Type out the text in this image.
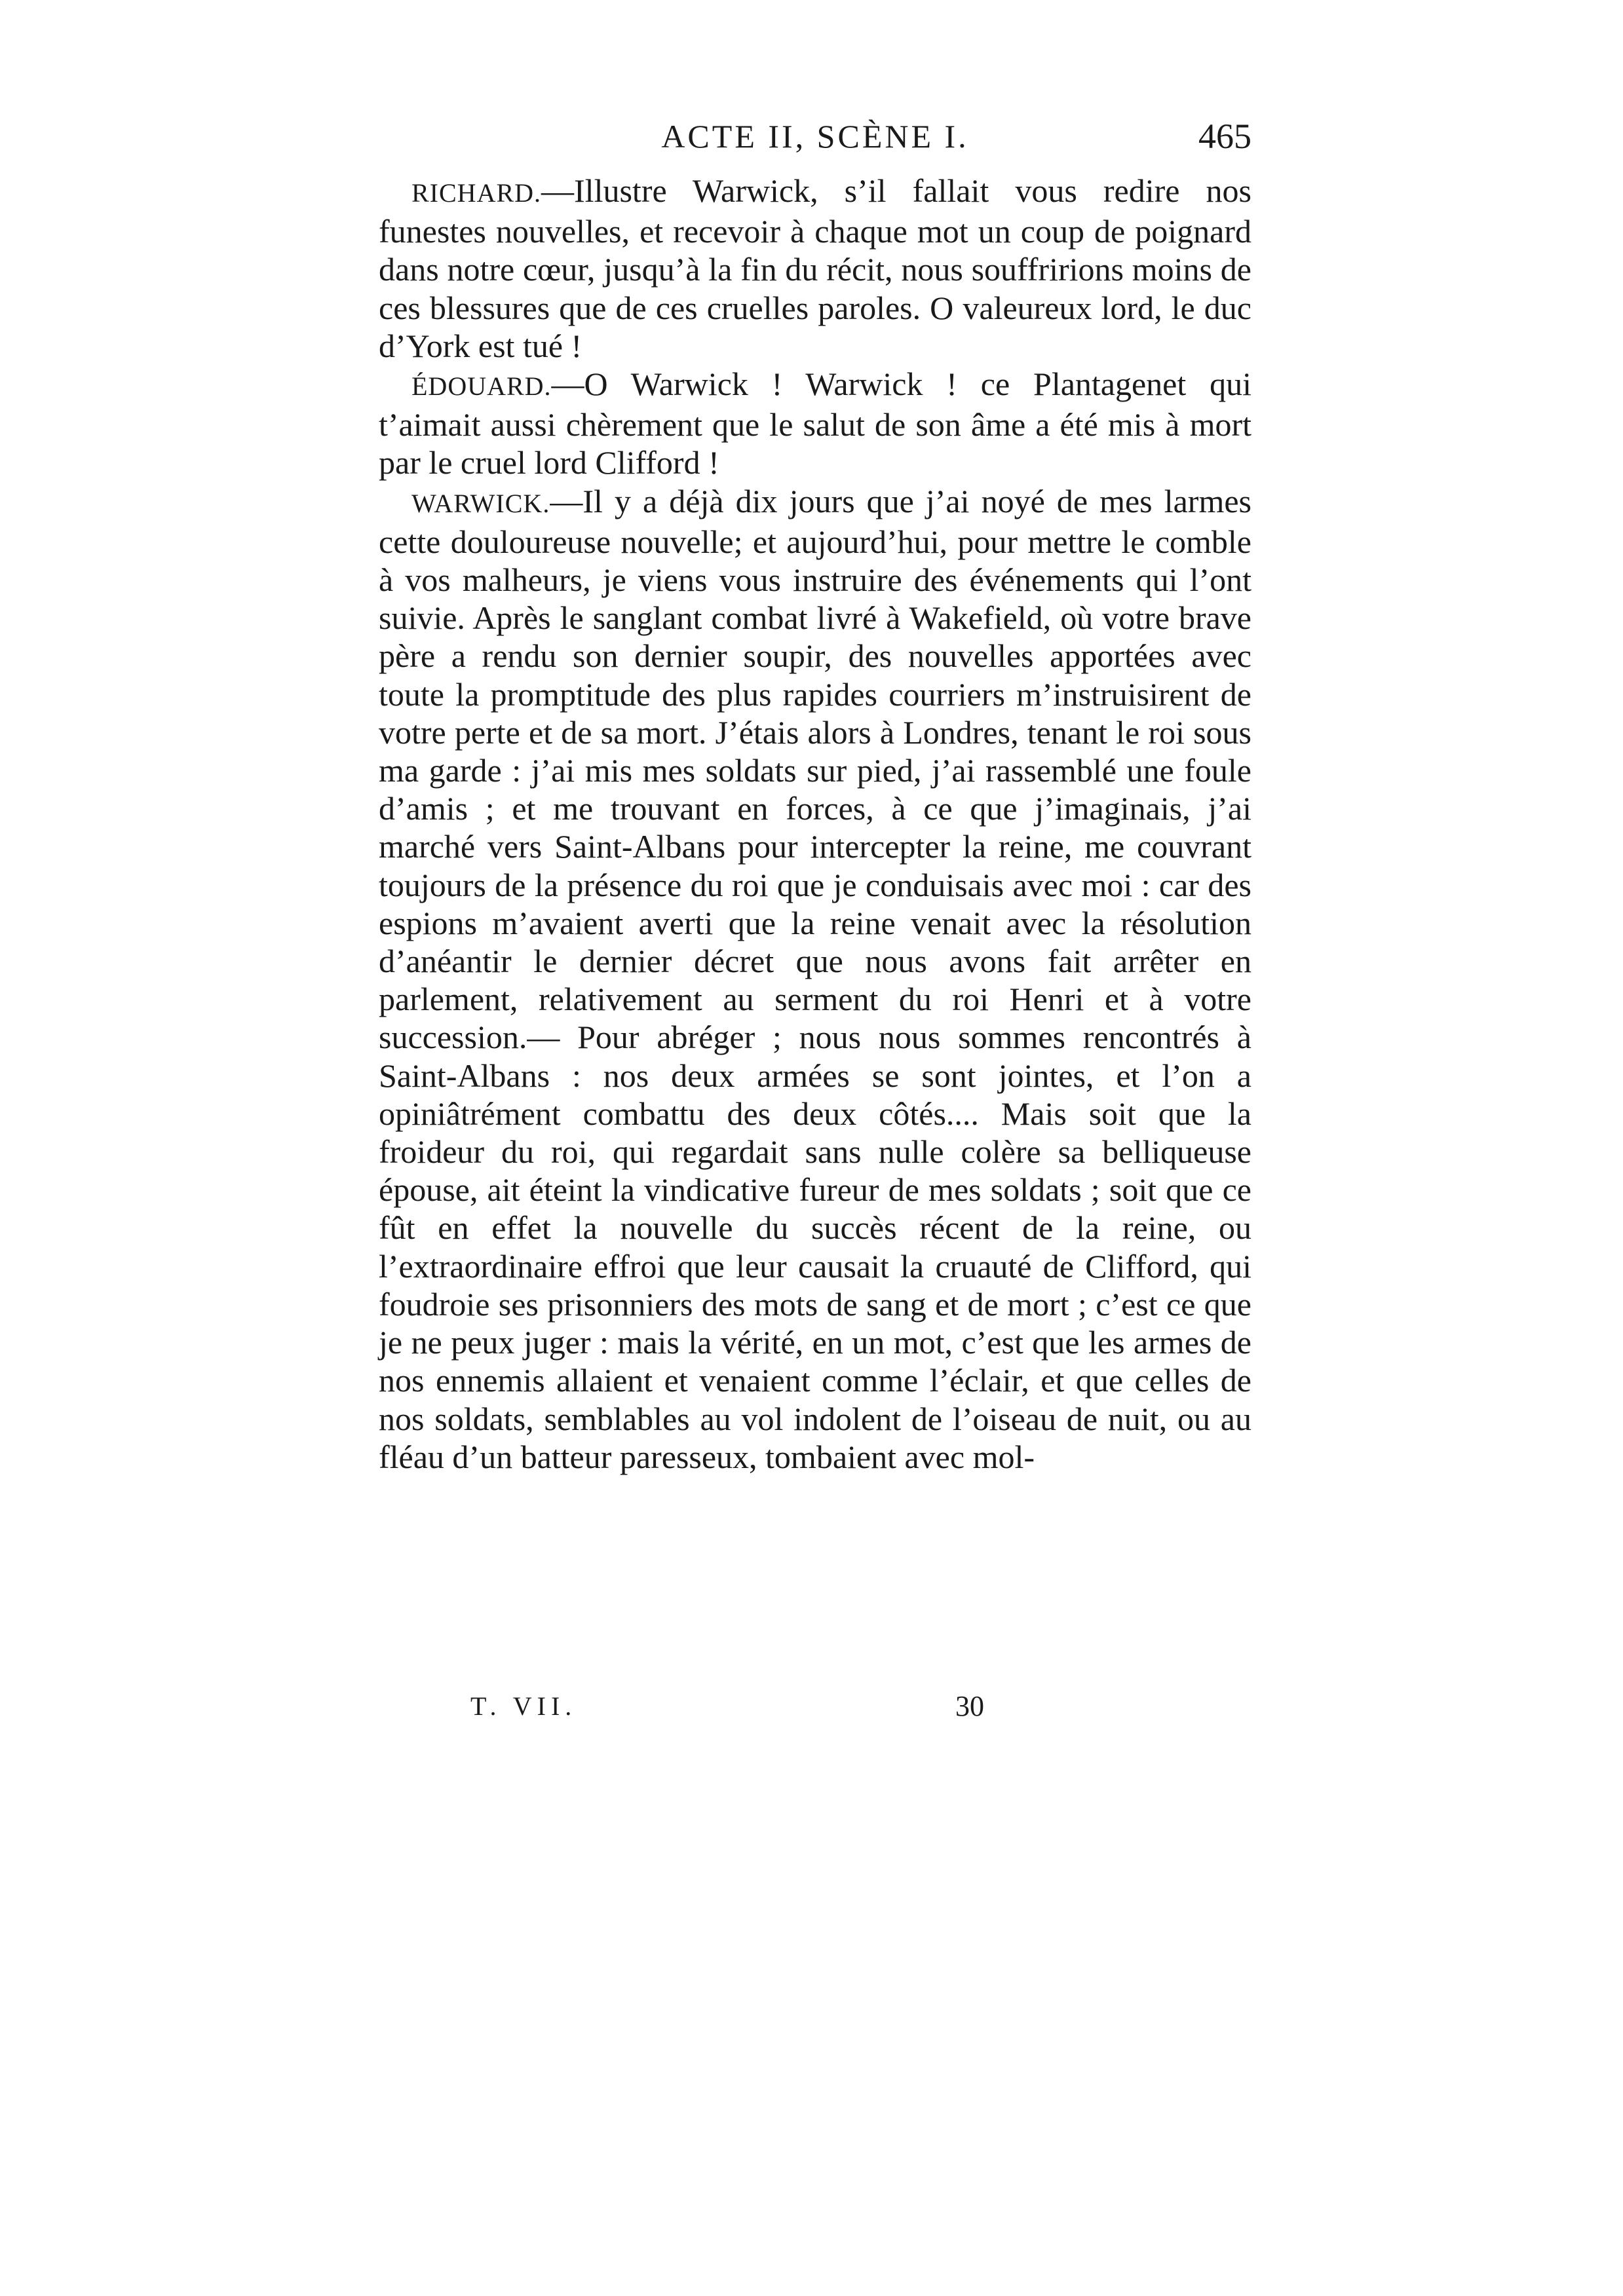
ACTE II, SCÈNE I.	465

RICHARD.—Illustre Warwick, s’il fallait vous redire nos funestes nouvelles, et recevoir à chaque mot un coup de poignard dans notre cœur, jusqu’à la fin du récit, nous souffririons moins de ces blessures que de ces cruelles paroles. O valeureux lord, le duc d’York est tué !

ÉDOUARD.—O Warwick ! Warwick ! ce Plantagenet qui t’aimait aussi chèrement que le salut de son âme a été mis à mort par le cruel lord Clifford !

WARWICK.—Il y a déjà dix jours que j’ai noyé de mes larmes cette douloureuse nouvelle; et aujourd’hui, pour mettre le comble à vos malheurs, je viens vous instruire des événements qui l’ont suivie. Après le sanglant combat livré à Wakefield, où votre brave père a rendu son dernier soupir, des nouvelles apportées avec toute la promptitude des plus rapides courriers m’instruisirent de votre perte et de sa mort. J’étais alors à Londres, tenant le roi sous ma garde : j’ai mis mes soldats sur pied, j’ai rassemblé une foule d’amis ; et me trouvant en forces, à ce que j’imaginais, j’ai marché vers Saint-Albans pour intercepter la reine, me couvrant toujours de la présence du roi que je conduisais avec moi : car des espions m’avaient averti que la reine venait avec la résolution d’anéantir le dernier décret que nous avons fait arrêter en parlement, relativement au serment du roi Henri et à votre succession.— Pour abréger ; nous nous sommes rencontrés à Saint-Albans : nos deux armées se sont jointes, et l’on a opiniâtrément combattu des deux côtés.... Mais soit que la froideur du roi, qui regardait sans nulle colère sa belliqueuse épouse, ait éteint la vindicative fureur de mes soldats ; soit que ce fût en effet la nouvelle du succès récent de la reine, ou l’extraordinaire effroi que leur causait la cruauté de Clifford, qui foudroie ses prisonniers des mots de sang et de mort ; c’est ce que je ne peux juger : mais la vérité, en un mot, c’est que les armes de nos ennemis allaient et venaient comme l’éclair, et que celles de nos soldats, semblables au vol indolent de l’oiseau de nuit, ou au fléau d’un batteur paresseux, tombaient avec mol-

T. VII.	30
